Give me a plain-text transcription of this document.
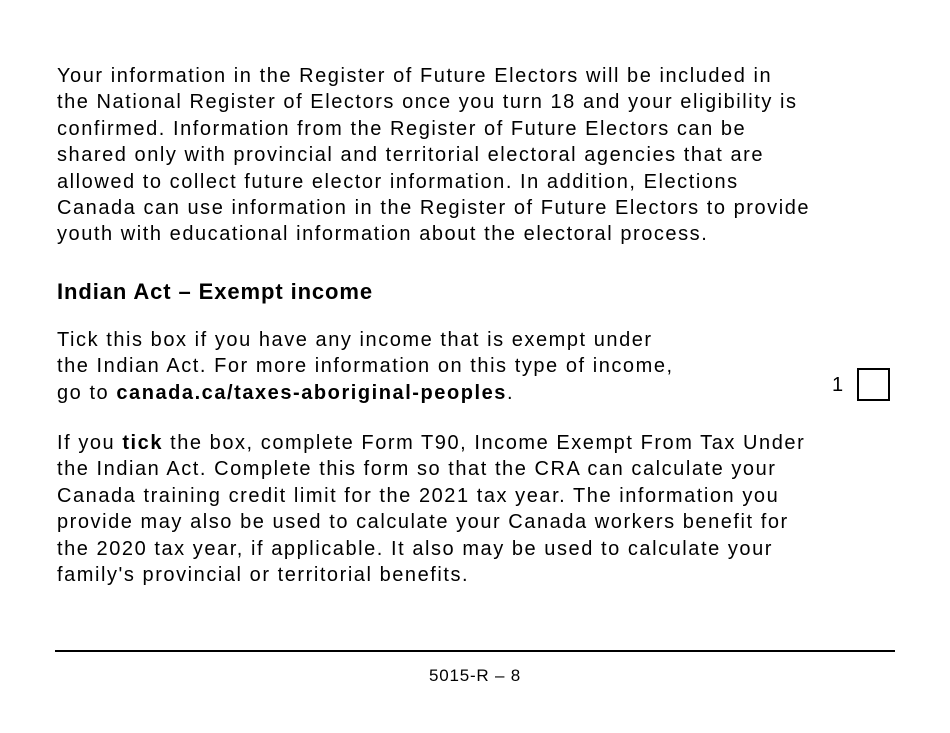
Your information in the Register of Future Electors will be included in
the National Register of Electors once you turn 18 and your eligibility is
confirmed. Information from the Register of Future Electors can be
shared only with provincial and territorial electoral agencies that are
allowed to collect future elector information. In addition, Elections
Canada can use information in the Register of Future Electors to provide
youth with educational information about the electoral process.

Indian Act – Exempt income

Tick this box if you have any income that is exempt under
the Indian Act. For more information on this type of income,
go to canada.ca/taxes-aboriginal-peoples.	1

If you tick the box, complete Form T90, Income Exempt From Tax Under
the Indian Act. Complete this form so that the CRA can calculate your
Canada training credit limit for the 2021 tax year. The information you
provide may also be used to calculate your Canada workers benefit for
the 2020 tax year, if applicable. It also may be used to calculate your
family's provincial or territorial benefits.

5015-R – 8
